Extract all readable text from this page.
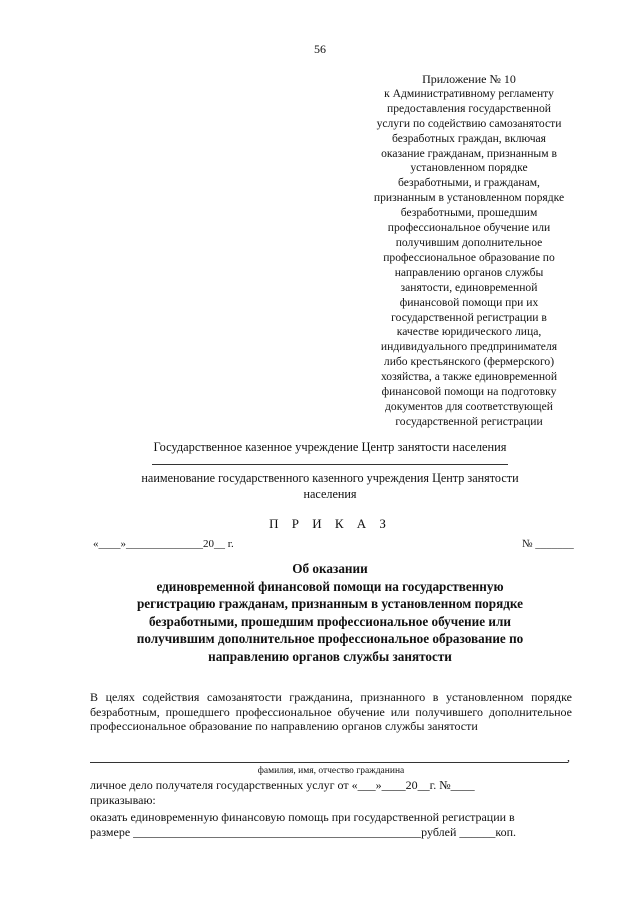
56
Приложение № 10
к Административному регламенту
предоставления государственной
услуги по содействию самозанятости
безработных граждан, включая
оказание гражданам, признанным в
установленном порядке
безработными, и гражданам,
признанным в установленном порядке
безработными, прошедшим
профессиональное обучение или
получившим дополнительное
профессиональное образование по
направлению органов службы
занятости, единовременной
финансовой помощи при их
государственной регистрации в
качестве юридического лица,
индивидуального предпринимателя
либо крестьянского (фермерского)
хозяйства, а также единовременной
финансовой помощи на подготовку
документов для соответствующей
государственной регистрации
Государственное казенное учреждение Центр занятости населения
наименование государственного казенного учреждения Центр занятости
населения
П Р И К А З
«____»______________20__ г.	№ _______
Об оказании
единовременной финансовой помощи на государственную
регистрацию гражданам, признанным в установленном порядке
безработными, прошедшим профессиональное обучение или
получившим дополнительное профессиональное образование по
направлению органов службы занятости
В целях содействия самозанятости гражданина, признанного в установленном порядке безработным, прошедшего профессиональное обучение или получившего дополнительное профессиональное образование по направлению органов службы занятости
,
фамилия, имя, отчество гражданина
личное дело получателя государственных услуг от «___»____20__г. №____
приказываю:
оказать единовременную финансовую помощь при государственной регистрации в
размере ________________________________________________рублей ______коп.
